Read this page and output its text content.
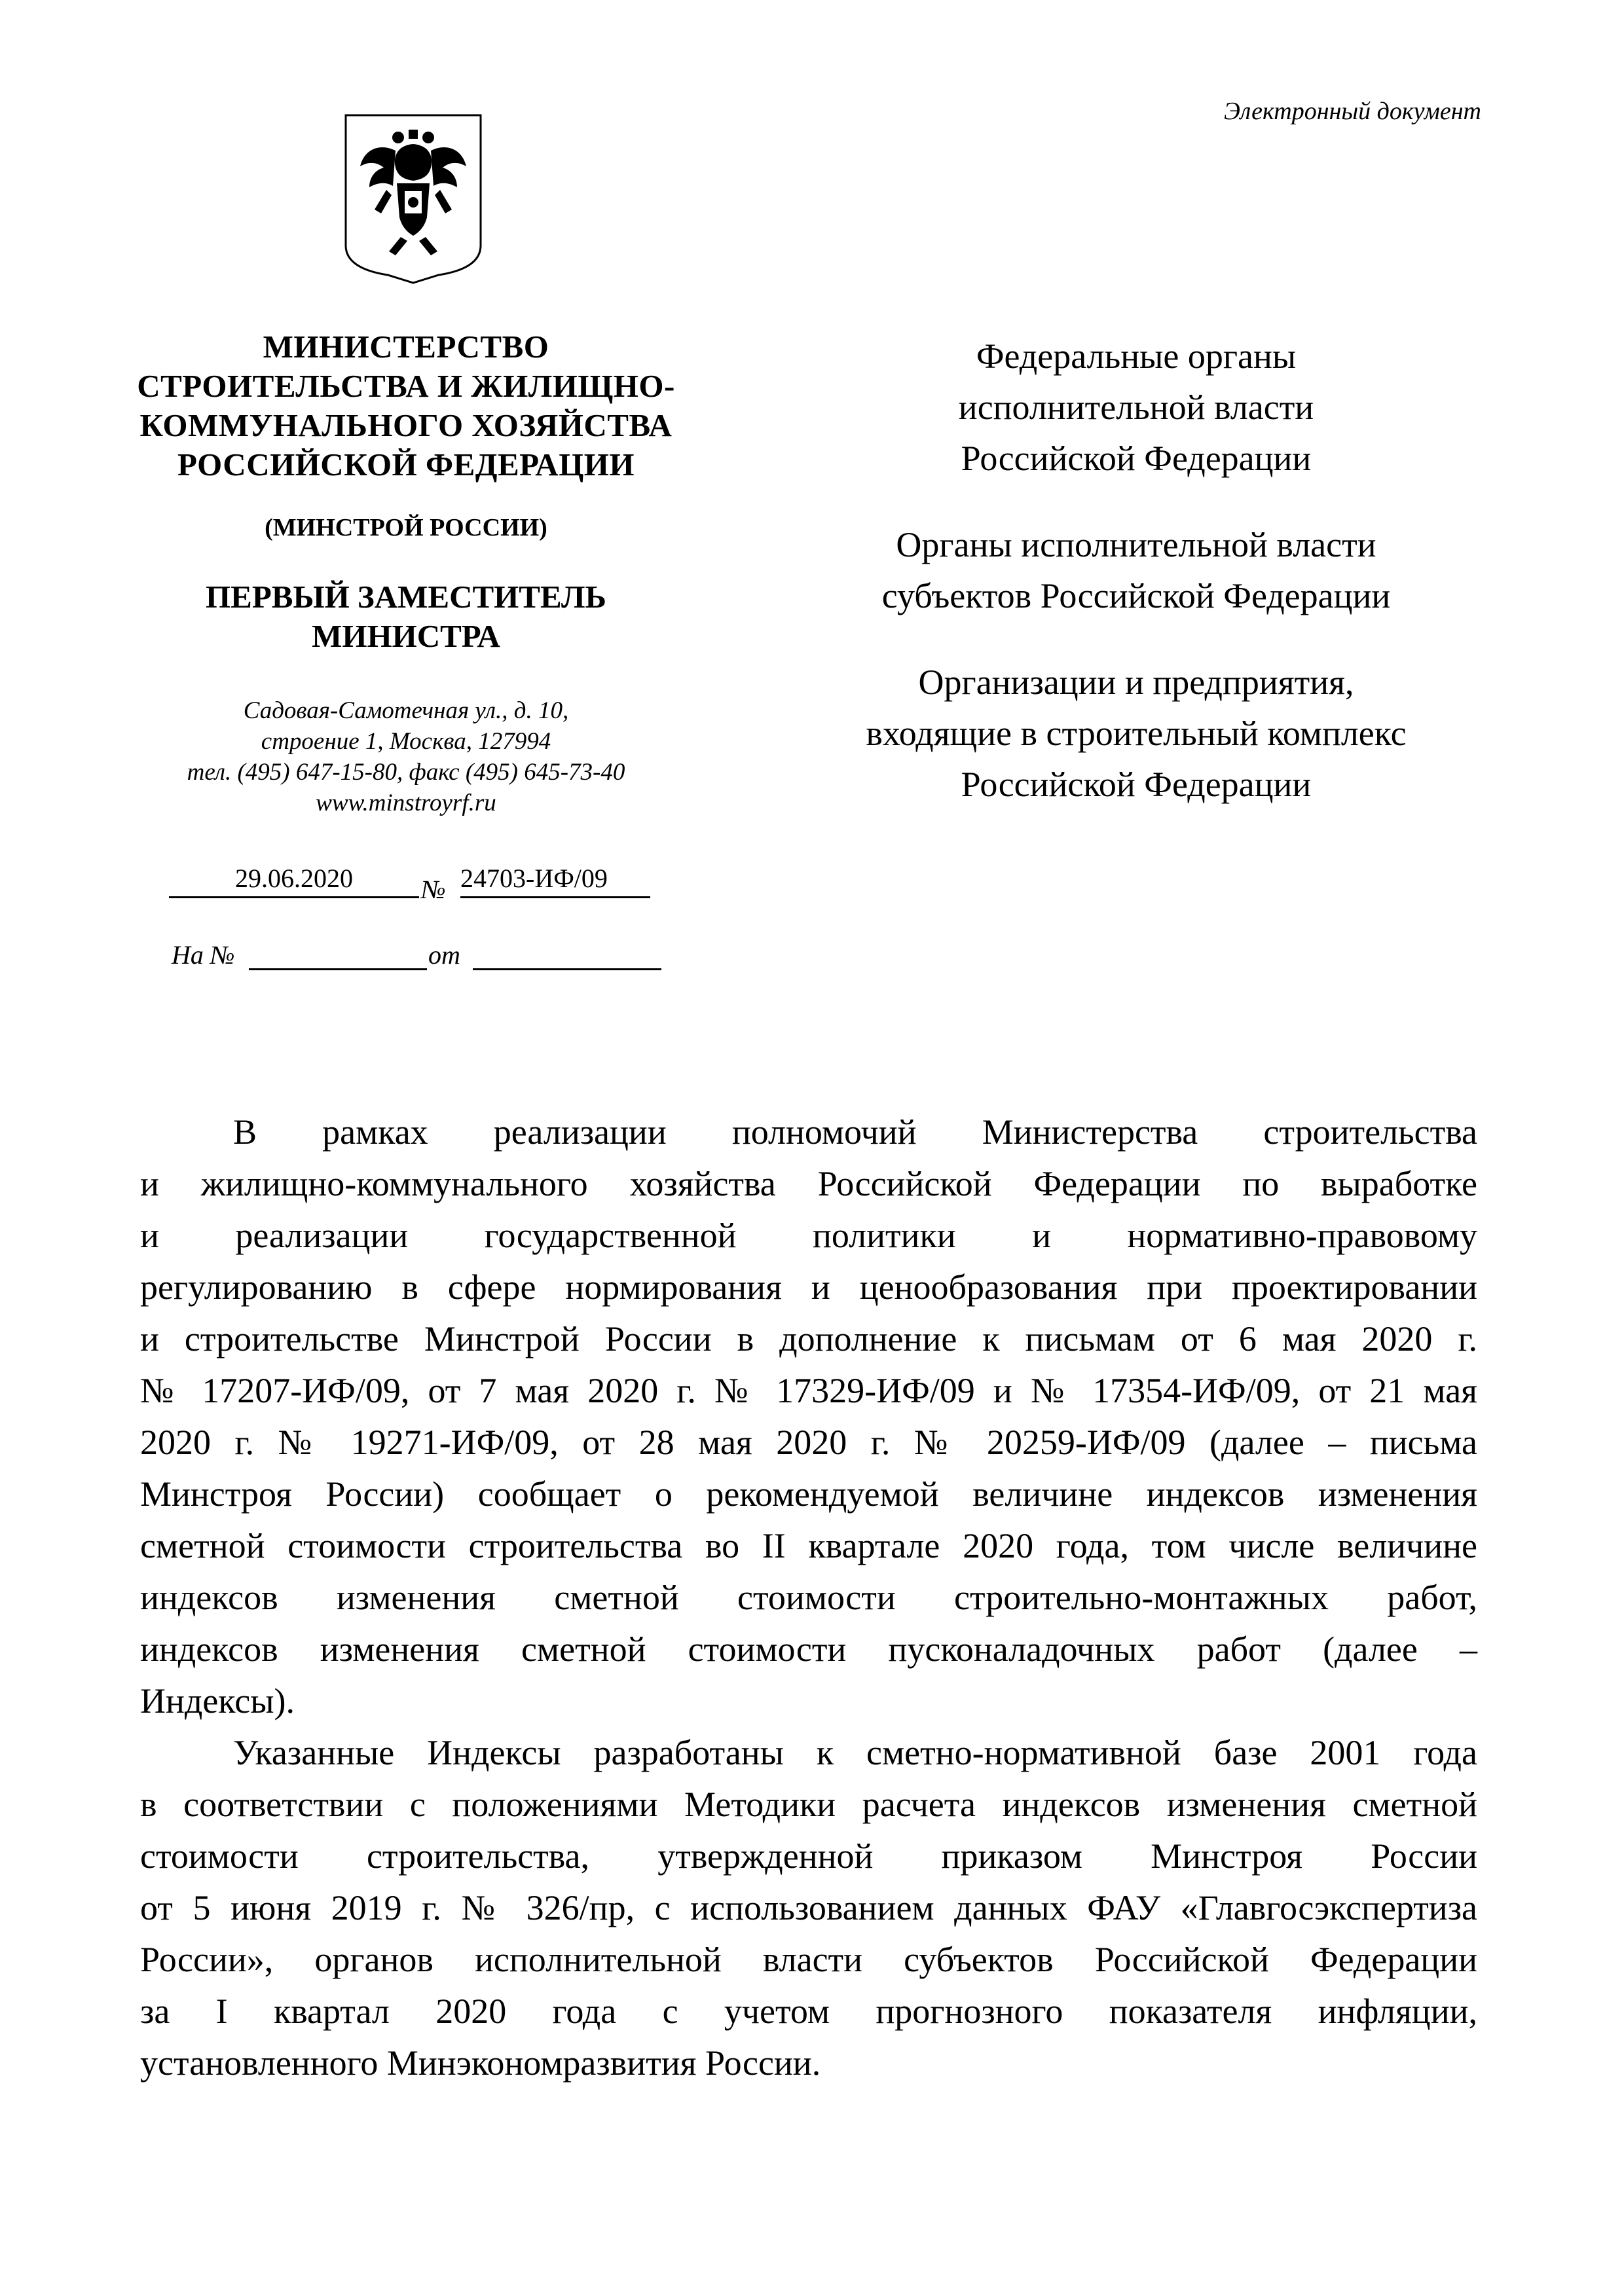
Электронный документ
МИНИСТЕРСТВО
СТРОИТЕЛЬСТВА И ЖИЛИЩНО-
КОММУНАЛЬНОГО ХОЗЯЙСТВА
РОССИЙСКОЙ ФЕДЕРАЦИИ
(МИНСТРОЙ РОССИИ)
ПЕРВЫЙ ЗАМЕСТИТЕЛЬ
МИНИСТРА
Садовая-Самотечная ул., д. 10,
строение 1, Москва, 127994
тел. (495) 647-15-80, факс (495) 645-73-40
www.minstroyrf.ru
29.06.2020	№ 24703-ИФ/09
На №	от
Федеральные органы
исполнительной власти
Российской Федерации
Органы исполнительной власти
субъектов Российской Федерации
Организации и предприятия,
входящие в строительный комплекс
Российской Федерации
В рамках реализации полномочий Министерства строительства
и жилищно-коммунального хозяйства Российской Федерации по выработке
и реализации государственной политики и нормативно-правовому
регулированию в сфере нормирования и ценообразования при проектировании
и строительстве Минстрой России в дополнение к письмам от 6 мая 2020 г.
№ 17207-ИФ/09, от 7 мая 2020 г. № 17329-ИФ/09 и № 17354-ИФ/09, от 21 мая
2020 г. № 19271-ИФ/09, от 28 мая 2020 г. № 20259-ИФ/09 (далее – письма
Минстроя России) сообщает о рекомендуемой величине индексов изменения
сметной стоимости строительства во II квартале 2020 года, том числе величине
индексов изменения сметной стоимости строительно-монтажных работ,
индексов изменения сметной стоимости пусконаладочных работ (далее –
Индексы).
Указанные Индексы разработаны к сметно-нормативной базе 2001 года
в соответствии с положениями Методики расчета индексов изменения сметной
стоимости строительства, утвержденной приказом Минстроя России
от 5 июня 2019 г. № 326/пр, с использованием данных ФАУ «Главгосэкспертиза
России», органов исполнительной власти субъектов Российской Федерации
за I квартал 2020 года с учетом прогнозного показателя инфляции,
установленного Минэкономразвития России.
